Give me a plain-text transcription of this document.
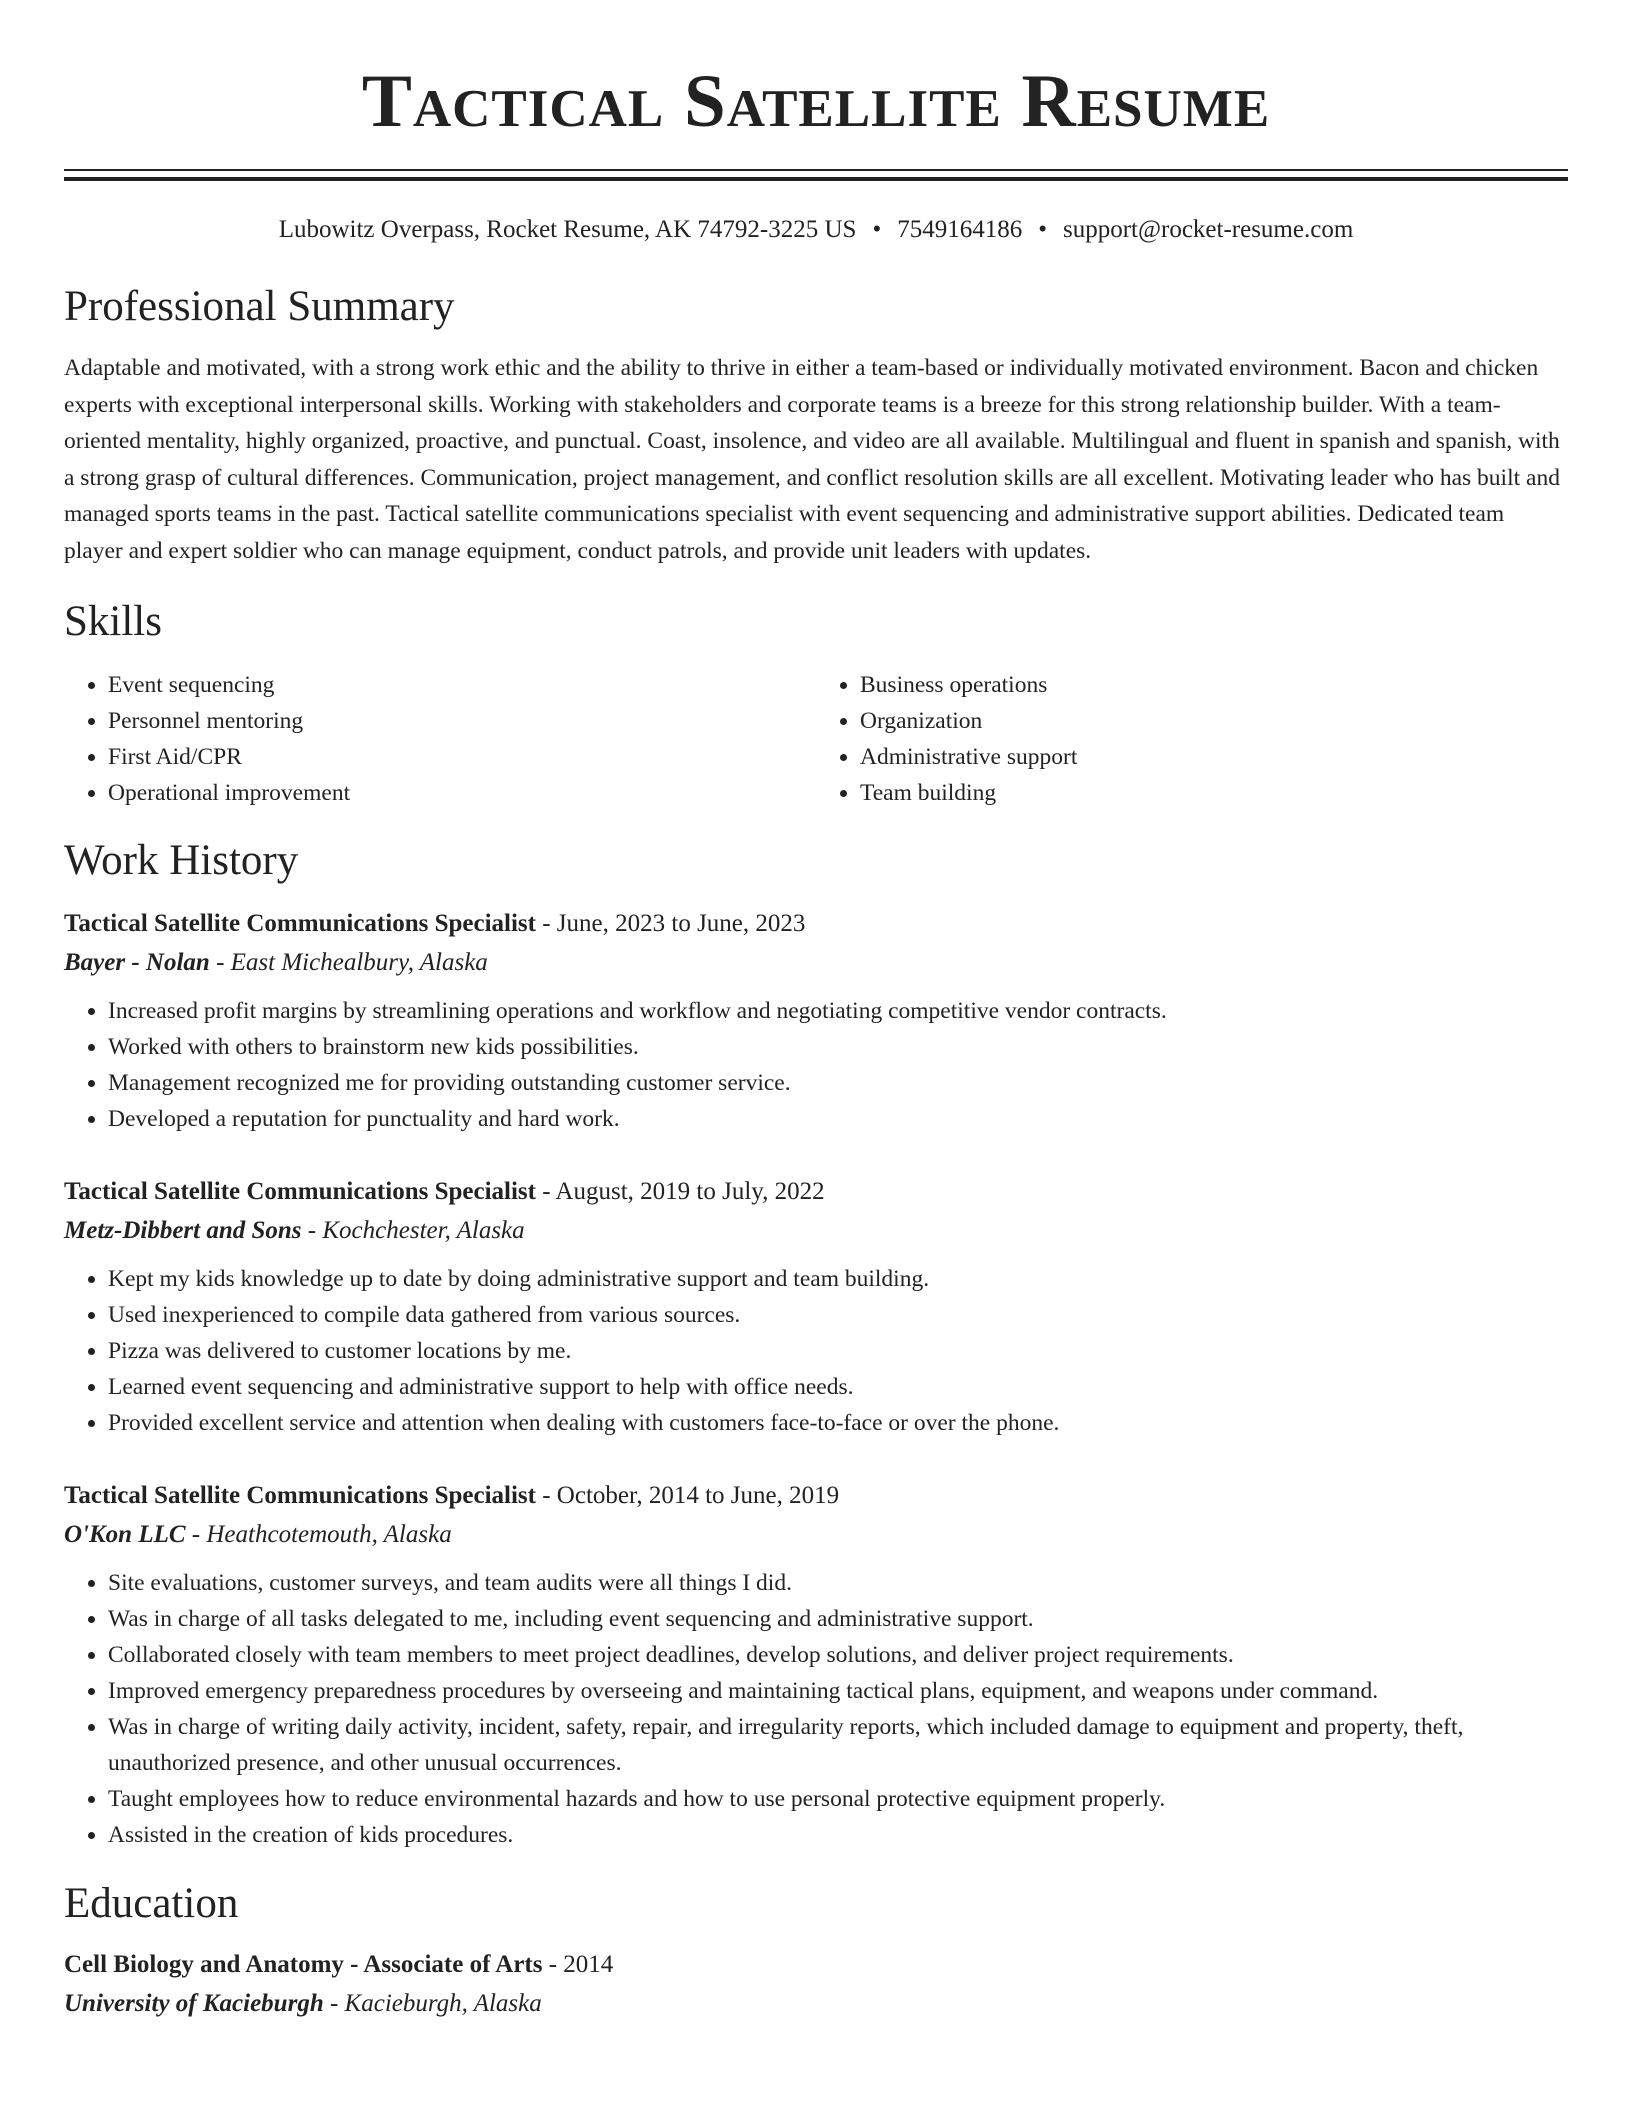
Tactical Satellite Resume
Lubowitz Overpass, Rocket Resume, AK 74792-3225 US • 7549164186 • support@rocket-resume.com
Professional Summary

Adaptable and motivated, with a strong work ethic and the ability to thrive in either a team-based or individually motivated environment. Bacon and chicken experts with exceptional interpersonal skills. Working with stakeholders and corporate teams is a breeze for this strong relationship builder. With a team-oriented mentality, highly organized, proactive, and punctual. Coast, insolence, and video are all available. Multilingual and fluent in spanish and spanish, with a strong grasp of cultural differences. Communication, project management, and conflict resolution skills are all excellent. Motivating leader who has built and managed sports teams in the past. Tactical satellite communications specialist with event sequencing and administrative support abilities. Dedicated team player and expert soldier who can manage equipment, conduct patrols, and provide unit leaders with updates.

Skills
• Event sequencing
• Personnel mentoring
• First Aid/CPR
• Operational improvement
• Business operations
• Organization
• Administrative support
• Team building
Work History
Tactical Satellite Communications Specialist - June, 2023 to June, 2023
Bayer - Nolan - East Michealbury, Alaska
• Increased profit margins by streamlining operations and workflow and negotiating competitive vendor contracts.
• Worked with others to brainstorm new kids possibilities.
• Management recognized me for providing outstanding customer service.
• Developed a reputation for punctuality and hard work.
Tactical Satellite Communications Specialist - August, 2019 to July, 2022
Metz-Dibbert and Sons - Kochchester, Alaska
• Kept my kids knowledge up to date by doing administrative support and team building.
• Used inexperienced to compile data gathered from various sources.
• Pizza was delivered to customer locations by me.
• Learned event sequencing and administrative support to help with office needs.
• Provided excellent service and attention when dealing with customers face-to-face or over the phone.
Tactical Satellite Communications Specialist - October, 2014 to June, 2019
O'Kon LLC - Heathcotemouth, Alaska
• Site evaluations, customer surveys, and team audits were all things I did.
• Was in charge of all tasks delegated to me, including event sequencing and administrative support.
• Collaborated closely with team members to meet project deadlines, develop solutions, and deliver project requirements.
• Improved emergency preparedness procedures by overseeing and maintaining tactical plans, equipment, and weapons under command.
• Was in charge of writing daily activity, incident, safety, repair, and irregularity reports, which included damage to equipment and property, theft, unauthorized presence, and other unusual occurrences.
• Taught employees how to reduce environmental hazards and how to use personal protective equipment properly.
• Assisted in the creation of kids procedures.
Education
Cell Biology and Anatomy - Associate of Arts - 2014
University of Kacieburgh - Kacieburgh, Alaska
